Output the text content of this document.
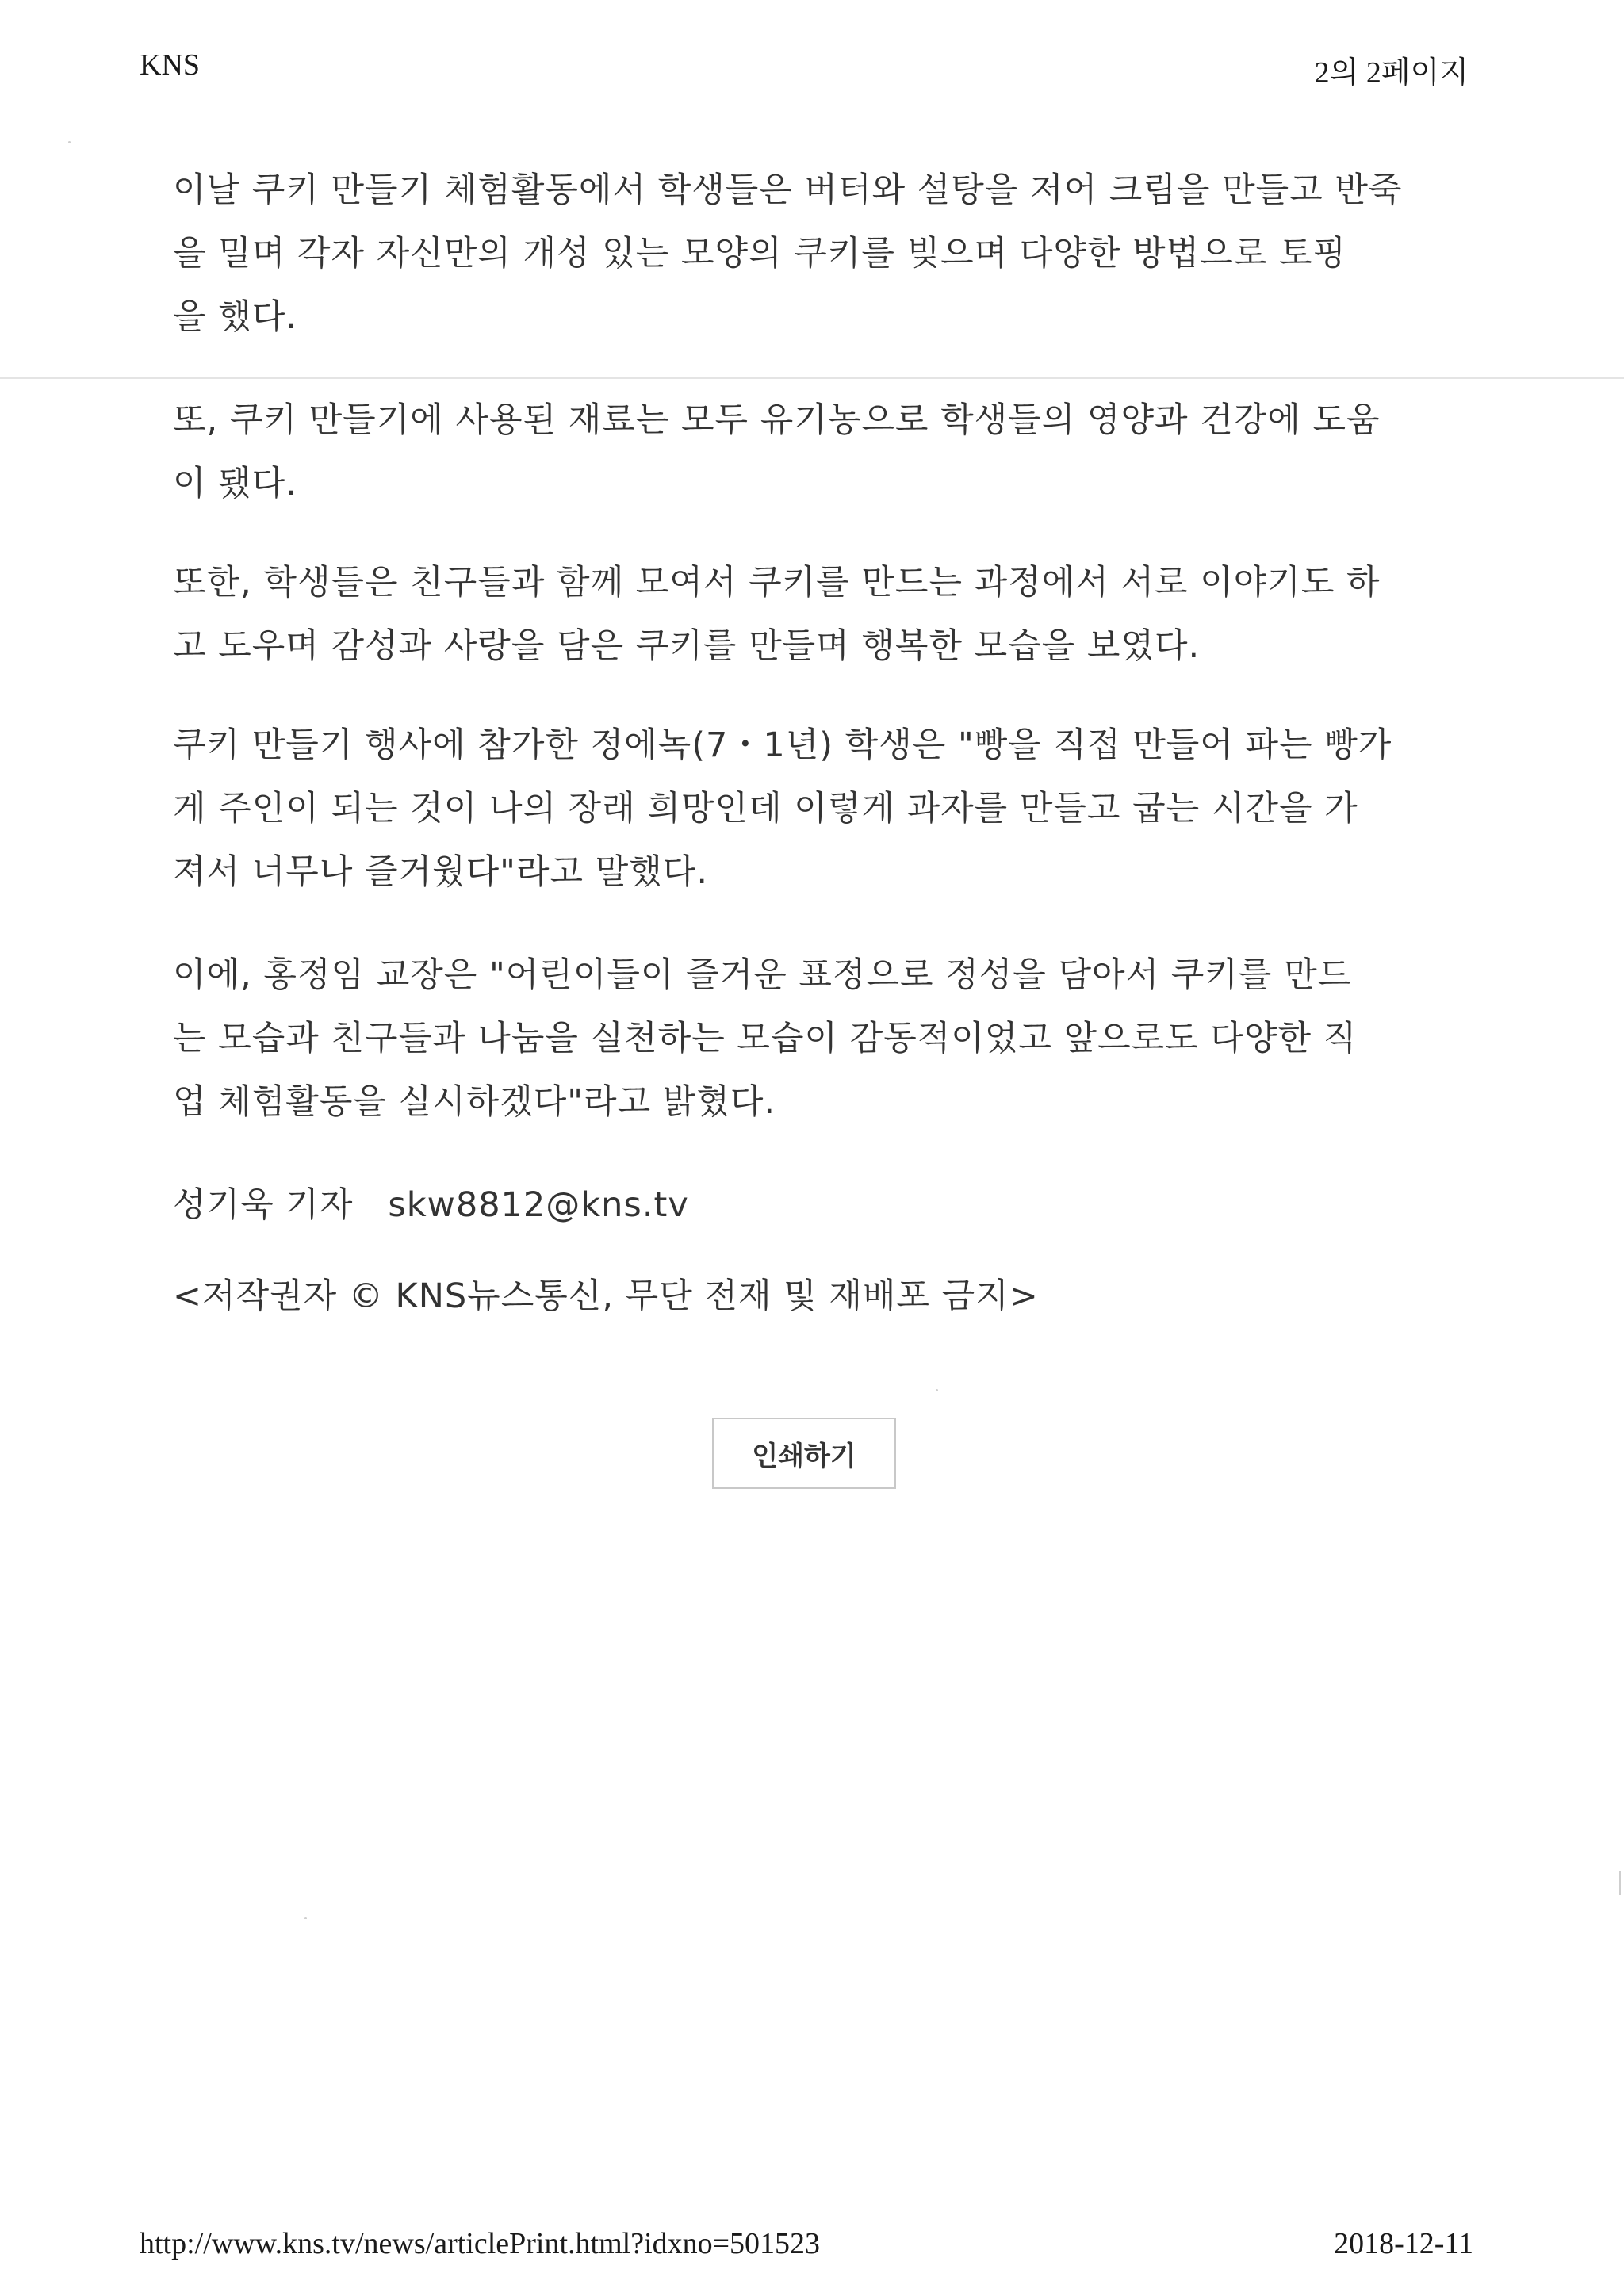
KNS	2의 2페이지

이날 쿠키 만들기 체험활동에서 학생들은 버터와 설탕을 저어 크림을 만들고 반죽
을 밀며 각자 자신만의 개성 있는 모양의 쿠키를 빚으며 다양한 방법으로 토핑
을 했다.

또, 쿠키 만들기에 사용된 재료는 모두 유기농으로 학생들의 영양과 건강에 도움
이 됐다.

또한, 학생들은 친구들과 함께 모여서 쿠키를 만드는 과정에서 서로 이야기도 하
고 도우며 감성과 사랑을 담은 쿠키를 만들며 행복한 모습을 보였다.

쿠키 만들기 행사에 참가한 정에녹(7・1년) 학생은 "빵을 직접 만들어 파는 빵가
게 주인이 되는 것이 나의 장래 희망인데 이렇게 과자를 만들고 굽는 시간을 가
져서 너무나 즐거웠다"라고 말했다.

이에, 홍정임 교장은 "어린이들이 즐거운 표정으로 정성을 담아서 쿠키를 만드
는 모습과 친구들과 나눔을 실천하는 모습이 감동적이었고 앞으로도 다양한 직
업 체험활동을 실시하겠다"라고 밝혔다.

성기욱 기자   skw8812@kns.tv

<저작권자 © KNS뉴스통신, 무단 전재 및 재배포 금지>

인쇄하기
http://www.kns.tv/news/articlePrint.html?idxno=501523	2018-12-11
